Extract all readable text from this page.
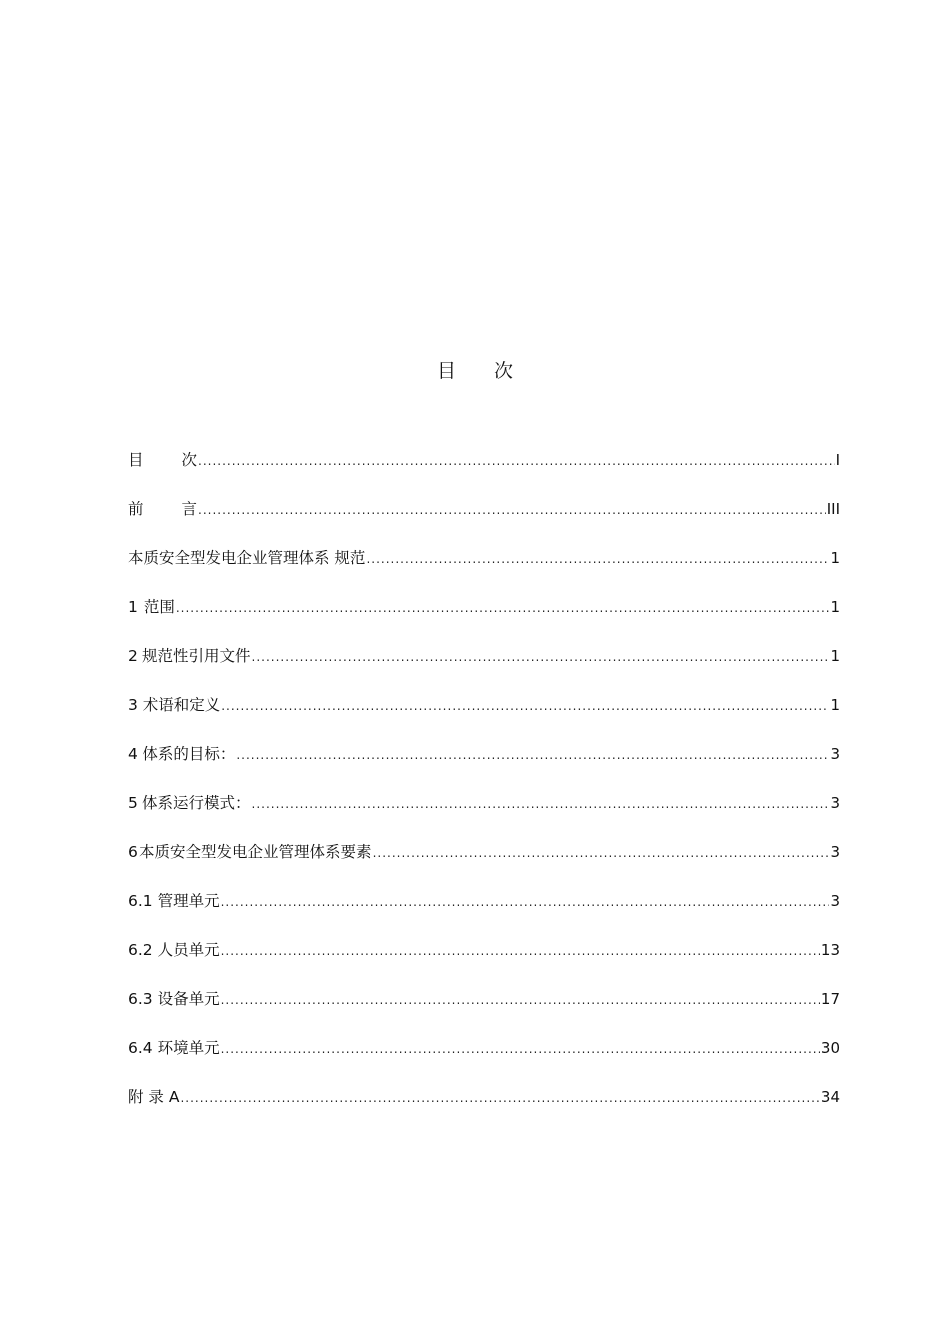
目 次
目 次 .....	I
前 言 .....	III
本质安全型发电企业管理体系 规范 .....	1
1 范围 .....	1
2 规范性引用文件 .....	1
3 术语和定义 .....	1
4 体系的目标： .....	3
5 体系运行模式： .....	3
6 本质安全型发电企业管理体系要素 .....	3
6.1 管理单元 .....	3
6.2 人员单元 .....	13
6.3 设备单元 .....	17
6.4 环境单元 .....	30
附 录 A .....	34
